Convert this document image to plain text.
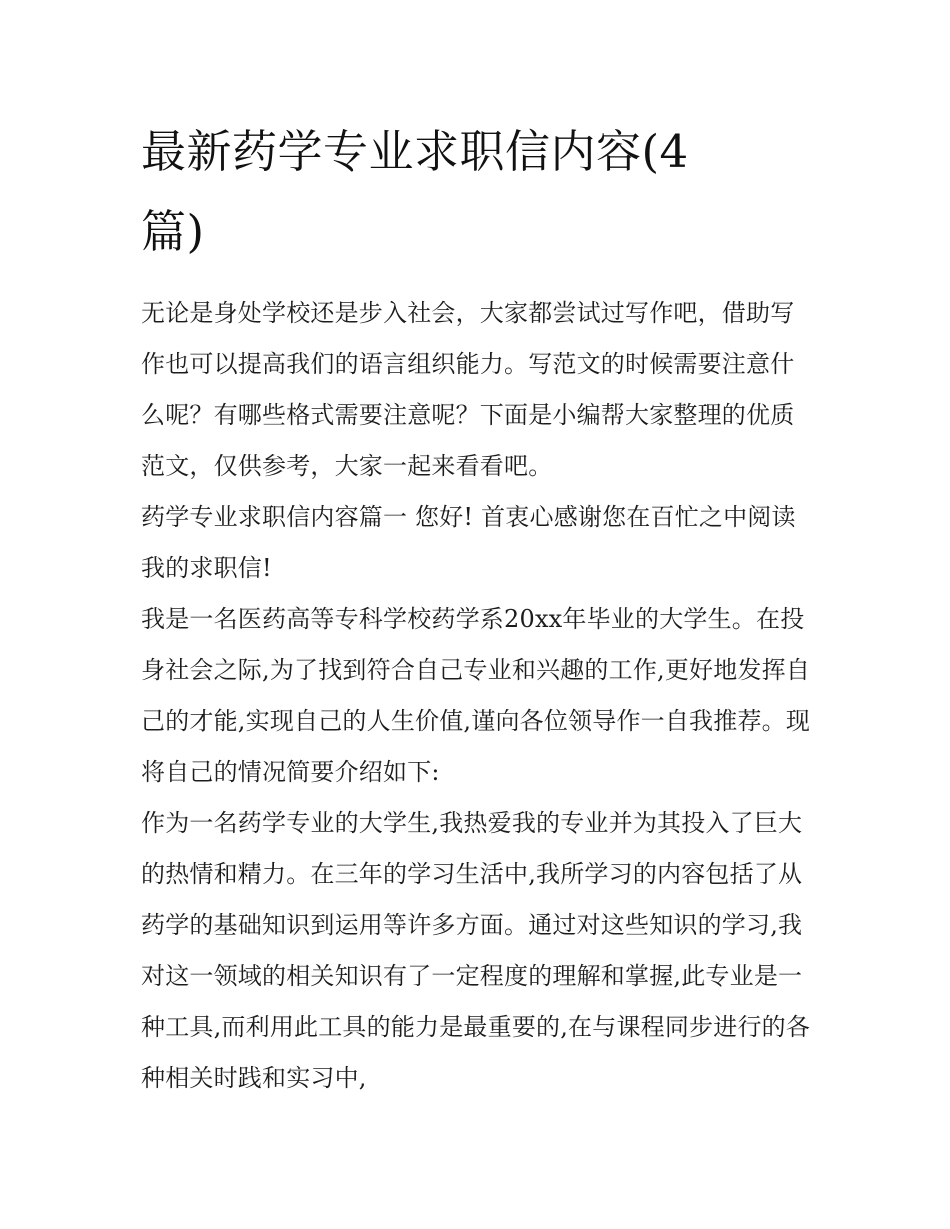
最新药学专业求职信内容(4篇)

无论是身处学校还是步入社会，大家都尝试过写作吧，借助写作也可以提高我们的语言组织能力。写范文的时候需要注意什么呢？有哪些格式需要注意呢？下面是小编帮大家整理的优质范文，仅供参考，大家一起来看看吧。

药学专业求职信内容篇一 您好! 首衷心感谢您在百忙之中阅读我的求职信!

我是一名医药高等专科学校药学系20xx年毕业的大学生。在投身社会之际,为了找到符合自己专业和兴趣的工作,更好地发挥自己的才能,实现自己的人生价值,谨向各位领导作一自我推荐。现将自己的情况简要介绍如下:

作为一名药学专业的大学生,我热爱我的专业并为其投入了巨大的热情和精力。在三年的学习生活中,我所学习的内容包括了从药学的基础知识到运用等许多方面。通过对这些知识的学习,我对这一领域的相关知识有了一定程度的理解和掌握,此专业是一种工具,而利用此工具的能力是最重要的,在与课程同步进行的各种相关时践和实习中,
